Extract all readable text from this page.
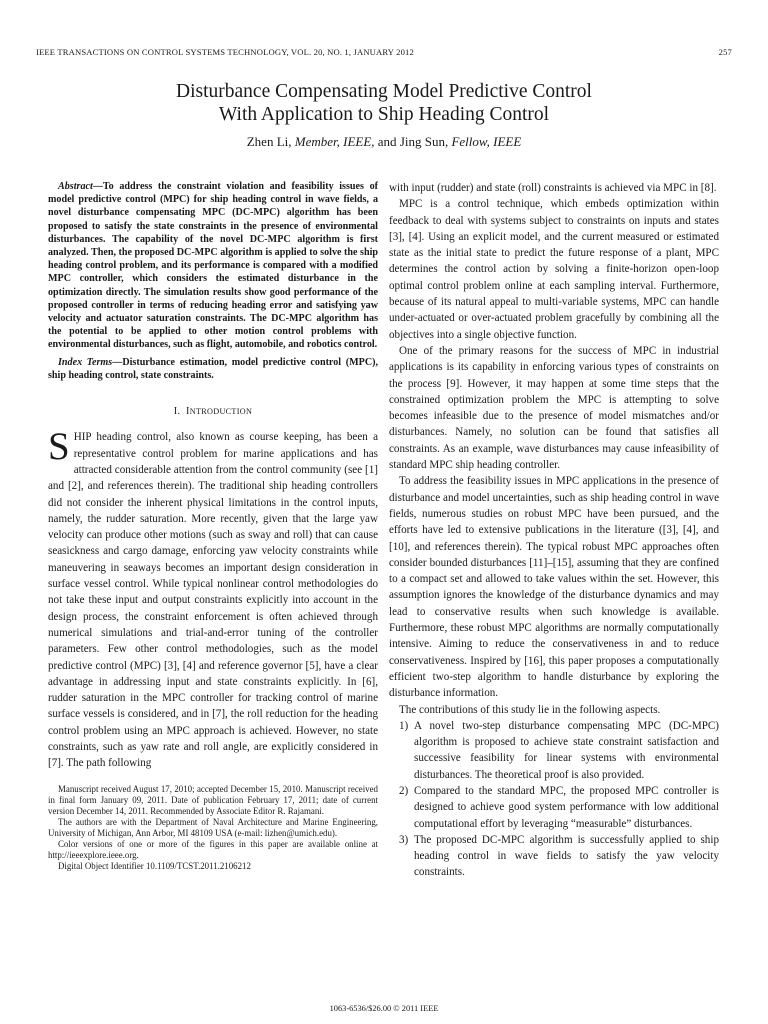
IEEE TRANSACTIONS ON CONTROL SYSTEMS TECHNOLOGY, VOL. 20, NO. 1, JANUARY 2012	257
Disturbance Compensating Model Predictive Control
With Application to Ship Heading Control
Zhen Li, Member, IEEE, and Jing Sun, Fellow, IEEE

Abstract—To address the constraint violation and feasibility issues of model predictive control (MPC) for ship heading control in wave fields, a novel disturbance compensating MPC (DC-MPC) algorithm has been proposed to satisfy the state constraints in the presence of environmental disturbances. The capability of the novel DC-MPC algorithm is first analyzed. Then, the proposed DC-MPC algorithm is applied to solve the ship heading control problem, and its performance is compared with a modified MPC controller, which considers the estimated disturbance in the optimization directly. The simulation results show good performance of the proposed controller in terms of reducing heading error and satisfying yaw velocity and actuator saturation constraints. The DC-MPC algorithm has the potential to be applied to other motion control problems with environmental disturbances, such as flight, automobile, and robotics control.

Index Terms—Disturbance estimation, model predictive control (MPC), ship heading control, state constraints.

I. INTRODUCTION

SHIP heading control, also known as course keeping, has been a representative control problem for marine applications and has attracted considerable attention from the control community (see [1] and [2], and references therein). The traditional ship heading controllers did not consider the inherent physical limitations in the control inputs, namely, the rudder saturation. More recently, given that the large yaw velocity can produce other motions (such as sway and roll) that can cause seasickness and cargo damage, enforcing yaw velocity constraints while maneuvering in seaways becomes an important design consideration in surface vessel control. While typical nonlinear control methodologies do not take these input and output constraints explicitly into account in the design process, the constraint enforcement is often achieved through numerical simulations and trial-and-error tuning of the controller parameters. Few other control methodologies, such as the model predictive control (MPC) [3], [4] and reference governor [5], have a clear advantage in addressing input and state constraints explicitly. In [6], rudder saturation in the MPC controller for tracking control of marine surface vessels is considered, and in [7], the roll reduction for the heading control problem using an MPC approach is achieved. However, no state constraints, such as yaw rate and roll angle, are explicitly considered in [7]. The path following

Manuscript received August 17, 2010; accepted December 15, 2010. Manuscript received in final form January 09, 2011. Date of publication February 17, 2011; date of current version December 14, 2011. Recommended by Associate Editor R. Rajamani.

The authors are with the Department of Naval Architecture and Marine Engineering, University of Michigan, Ann Arbor, MI 48109 USA (e-mail: lizhen@umich.edu).

Color versions of one or more of the figures in this paper are available online at http://ieeexplore.ieee.org.

Digital Object Identifier 10.1109/TCST.2011.2106212

with input (rudder) and state (roll) constraints is achieved via MPC in [8].

MPC is a control technique, which embeds optimization within feedback to deal with systems subject to constraints on inputs and states [3], [4]. Using an explicit model, and the current measured or estimated state as the initial state to predict the future response of a plant, MPC determines the control action by solving a finite-horizon open-loop optimal control problem online at each sampling interval. Furthermore, because of its natural appeal to multi-variable systems, MPC can handle under-actuated or over-actuated problem gracefully by combining all the objectives into a single objective function.

One of the primary reasons for the success of MPC in industrial applications is its capability in enforcing various types of constraints on the process [9]. However, it may happen at some time steps that the constrained optimization problem the MPC is attempting to solve becomes infeasible due to the presence of model mismatches and/or disturbances. Namely, no solution can be found that satisfies all constraints. As an example, wave disturbances may cause infeasibility of standard MPC ship heading controller.

To address the feasibility issues in MPC applications in the presence of disturbance and model uncertainties, such as ship heading control in wave fields, numerous studies on robust MPC have been pursued, and the efforts have led to extensive publications in the literature ([3], [4], and [10], and references therein). The typical robust MPC approaches often consider bounded disturbances [11]–[15], assuming that they are confined to a compact set and allowed to take values within the set. However, this assumption ignores the knowledge of the disturbance dynamics and may lead to conservative results when such knowledge is available. Furthermore, these robust MPC algorithms are normally computationally intensive. Aiming to reduce the conservativeness in and to reduce conservativeness. Inspired by [16], this paper proposes a computationally efficient two-step algorithm to handle disturbance by exploring the disturbance information.

The contributions of this study lie in the following aspects.

1) A novel two-step disturbance compensating MPC (DC-MPC) algorithm is proposed to achieve state constraint satisfaction and successive feasibility for linear systems with environmental disturbances. The theoretical proof is also provided.
2) Compared to the standard MPC, the proposed MPC controller is designed to achieve good system performance with low additional computational effort by leveraging “measurable” disturbances.
3) The proposed DC-MPC algorithm is successfully applied to ship heading control in wave fields to satisfy the yaw velocity constraints.
1063-6536/$26.00 © 2011 IEEE
